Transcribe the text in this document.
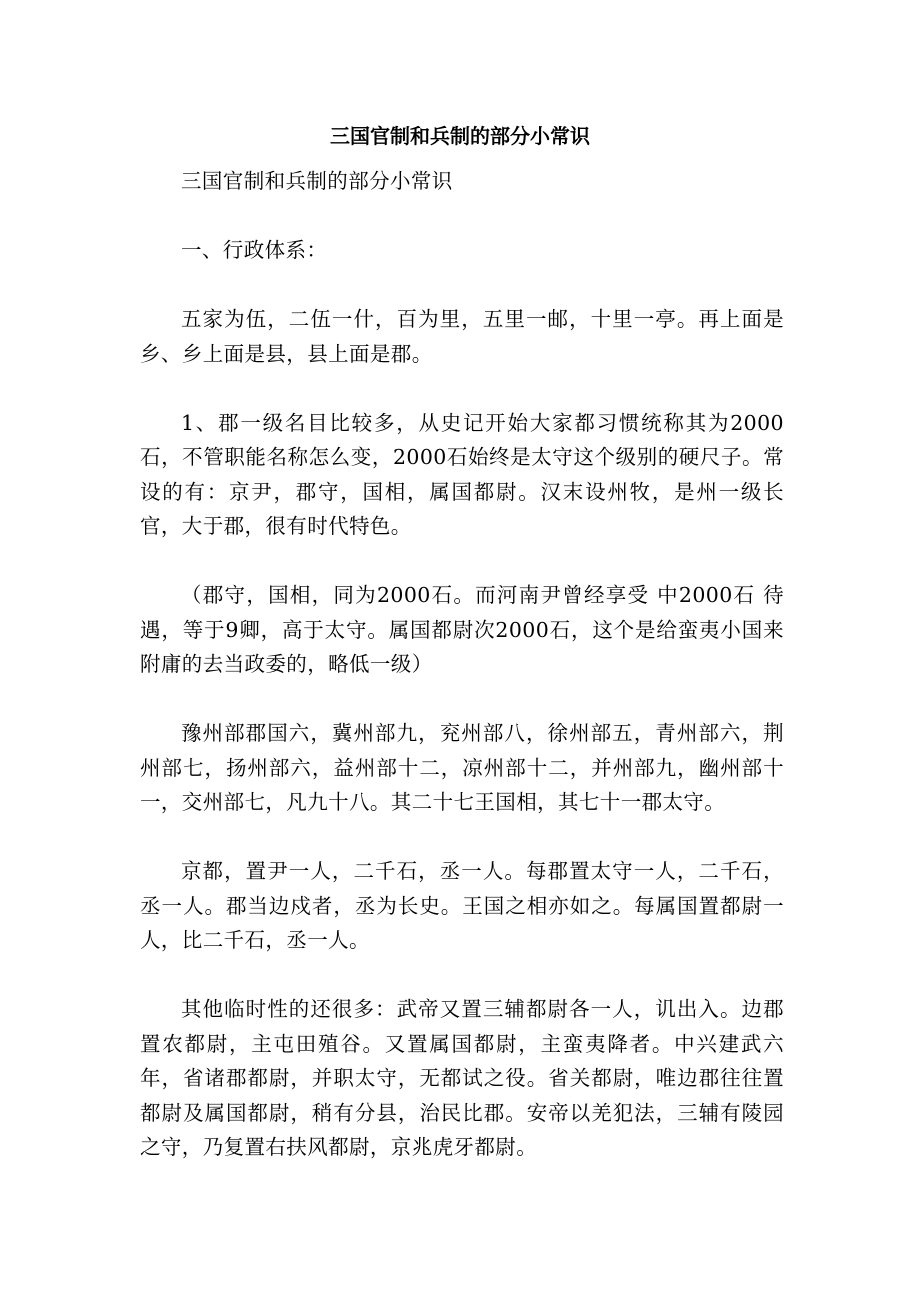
三国官制和兵制的部分小常识

三国官制和兵制的部分小常识

一、行政体系：

五家为伍，二伍一什，百为里，五里一邮，十里一亭。再上面是乡、乡上面是县，县上面是郡。

1、郡一级名目比较多，从史记开始大家都习惯统称其为2000石，不管职能名称怎么变，2000石始终是太守这个级别的硬尺子。常设的有：京尹，郡守，国相，属国都尉。汉末设州牧，是州一级长官，大于郡，很有时代特色。

（郡守，国相，同为2000石。而河南尹曾经享受 中2000石 待遇，等于9卿，高于太守。属国都尉次2000石，这个是给蛮夷小国来附庸的去当政委的，略低一级）

豫州部郡国六，冀州部九，兖州部八，徐州部五，青州部六，荆州部七，扬州部六，益州部十二，凉州部十二，并州部九，幽州部十一，交州部七，凡九十八。其二十七王国相，其七十一郡太守。

京都，置尹一人，二千石，丞一人。每郡置太守一人，二千石，丞一人。郡当边戍者，丞为长史。王国之相亦如之。每属国置都尉一人，比二千石，丞一人。

其他临时性的还很多：武帝又置三辅都尉各一人，讥出入。边郡置农都尉，主屯田殖谷。又置属国都尉，主蛮夷降者。中兴建武六年，省诸郡都尉，并职太守，无都试之役。省关都尉，唯边郡往往置都尉及属国都尉，稍有分县，治民比郡。安帝以羌犯法，三辅有陵园之守，乃复置右扶风都尉，京兆虎牙都尉。
